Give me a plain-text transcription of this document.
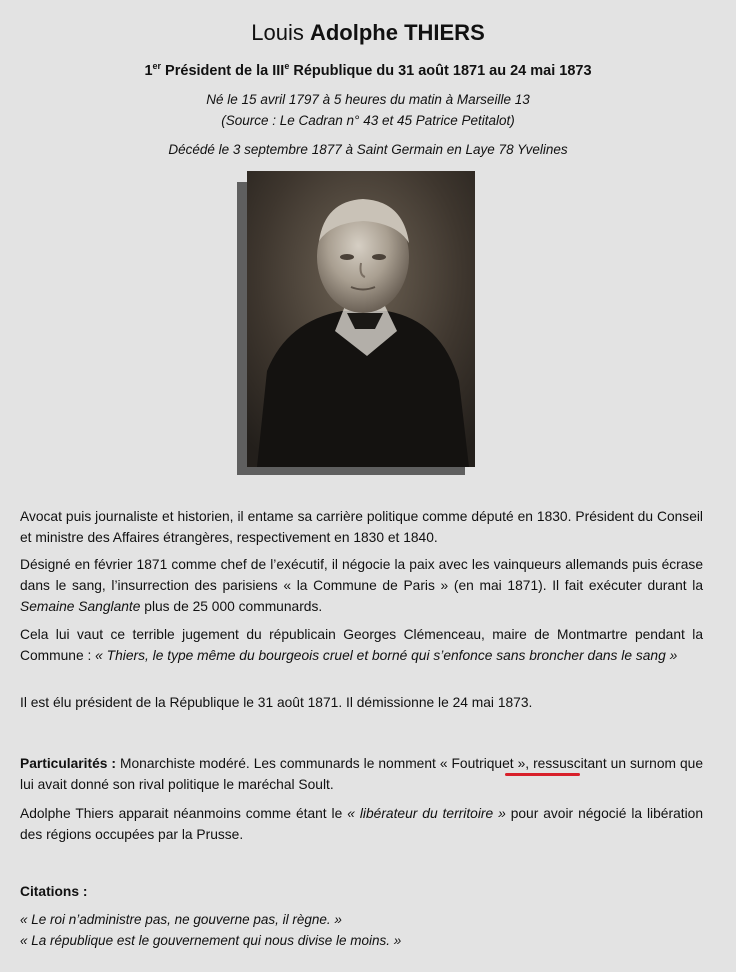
Louis Adolphe THIERS
1er Président de la IIIe République du 31 août 1871 au 24 mai 1873
Né le 15 avril 1797 à 5 heures du matin à Marseille 13
(Source : Le Cadran n° 43 et 45 Patrice Petitalot)
Décédé le 3 septembre 1877 à Saint Germain en Laye 78 Yvelines
Avocat puis journaliste et historien, il entame sa carrière politique comme député en 1830. Président du Conseil et ministre des Affaires étrangères, respectivement en 1830 et 1840.
Désigné en février 1871 comme chef de l’exécutif, il négocie la paix avec les vainqueurs allemands puis écrase dans le sang, l’insurrection des parisiens « la Commune de Paris » (en mai 1871). Il fait exécuter durant la Semaine Sanglante plus de 25 000 communards.
Cela lui vaut ce terrible jugement du républicain Georges Clémenceau, maire de Montmartre pendant la Commune : « Thiers, le type même du bourgeois cruel et borné qui s’enfonce sans broncher dans le sang »
Il est élu président de la République le 31 août 1871. Il démissionne le 24 mai 1873.
Particularités : Monarchiste modéré. Les communards le nomment « Foutriquet », ressuscitant un surnom que lui avait donné son rival politique le maréchal Soult.
Adolphe Thiers apparait néanmoins comme étant le « libérateur du territoire » pour avoir négocié la libération des régions occupées par la Prusse.
Citations :
« Le roi n’administre pas, ne gouverne pas, il règne. »
« La république est le gouvernement qui nous divise le moins. »
